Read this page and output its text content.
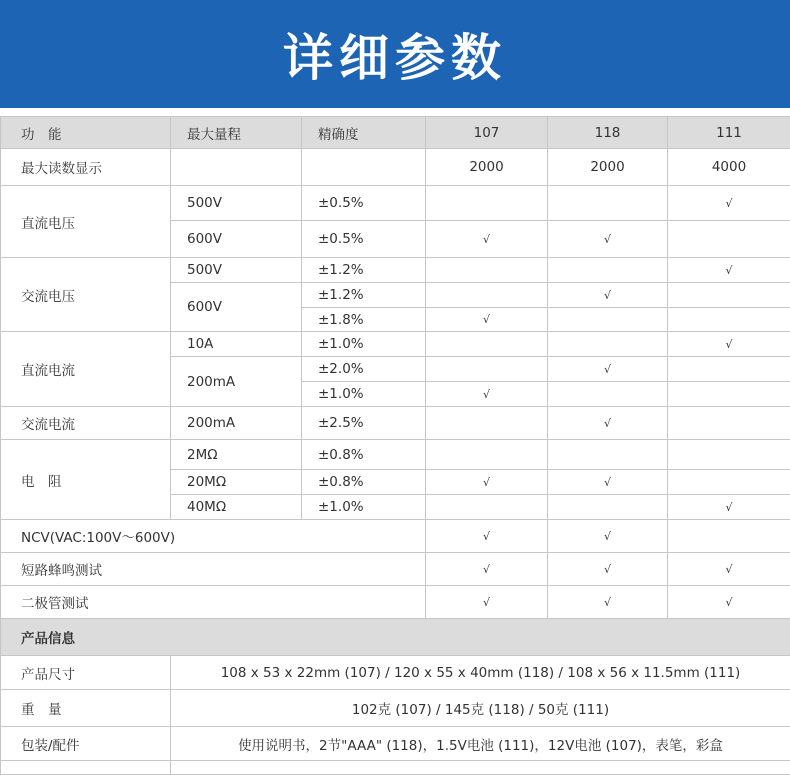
详细参数
功　能	最大量程	精确度	107	118	111
最大读数显示			2000	2000	4000
直流电压	500V	±0.5%			√
	600V	±0.5%	√	√	
交流电压	500V	±1.2%			√
	600V	±1.2%		√	
		±1.8%	√		
直流电流	10A	±1.0%			√
	200mA	±2.0%		√	
		±1.0%	√		
交流电流	200mA	±2.5%		√	
电　阻	2MΩ	±0.8%			
	20MΩ	±0.8%	√	√	
	40MΩ	±1.0%			√
NCV(VAC:100V～600V)			√	√	
短路蜂鸣测试			√	√	√
二极管测试			√	√	√
产品信息					
产品尺寸	108 x 53 x 22mm (107) / 120 x 55 x 40mm (118) / 108 x 56 x 11.5mm (111)				
重　量	102克 (107) / 145克 (118) / 50克 (111)				
包装/配件	使用说明书，2节"AAA" (118)，1.5V电池 (111)，12V电池 (107)，表笔，彩盒				
